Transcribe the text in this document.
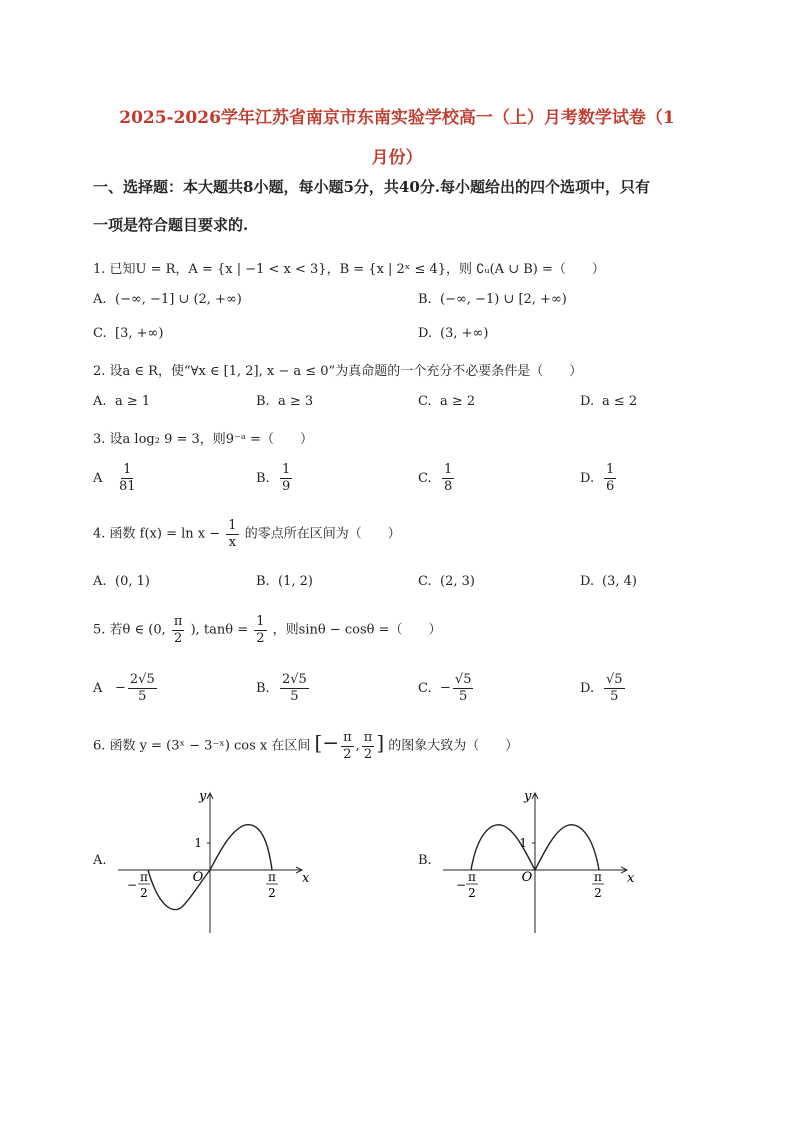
2025-2026学年江苏省南京市东南实验学校高一（上）月考数学试卷（1
月份）
一、选择题：本大题共8小题，每小题5分，共40分.每小题给出的四个选项中，只有
一项是符合题目要求的.
1. 已知U = R，A = {x | −1 < x < 3}，B = {x | 2ˣ ≤ 4}，则 ∁ᵤ(A ∪ B) =（　　）
A. (−∞, −1] ∪ (2, +∞)	B. (−∞, −1) ∪ [2, +∞)
C. [3, +∞)	D. (3, +∞)
2. 设a ∈ R，使“∀x ∈ [1, 2], x − a ≤ 0”为真命题的一个充分不必要条件是（　　）
A. a ≥ 1	B. a ≥ 3	C. a ≥ 2	D. a ≤ 2
3. 设a log₂ 9 = 3，则9⁻ᵃ =（　　）
A $\frac{1}{81}$	B. $\frac{1}{9}$	C. $\frac{1}{8}$	D. $\frac{1}{6}$
4. 函数 $f(x) = \ln x - \frac{1}{x}$ 的零点所在区间为（　　）
A. (0, 1)	B. (1, 2)	C. (2, 3)	D. (3, 4)
5. 若θ ∈ (0, $\frac{\pi}{2}$ ), $\tan\theta = \frac{1}{2}$ ，则sinθ − cosθ =（　　）
$A - \frac{2√5}{5}$	B. $\frac{2√5}{5}$	C. − $\frac{√5}{5}$	D. $\frac{√5}{5}$
6. 函数 y = (3ˣ − 3⁻ˣ) cos x 在区间 [− $\frac{\pi}{2}$ , $\frac{\pi}{2}$ ] 的图象大致为（　　）
A.
1
O	x
y
−
π
2
π
2
B.
1
O	x
y
−
π
2
π
2
